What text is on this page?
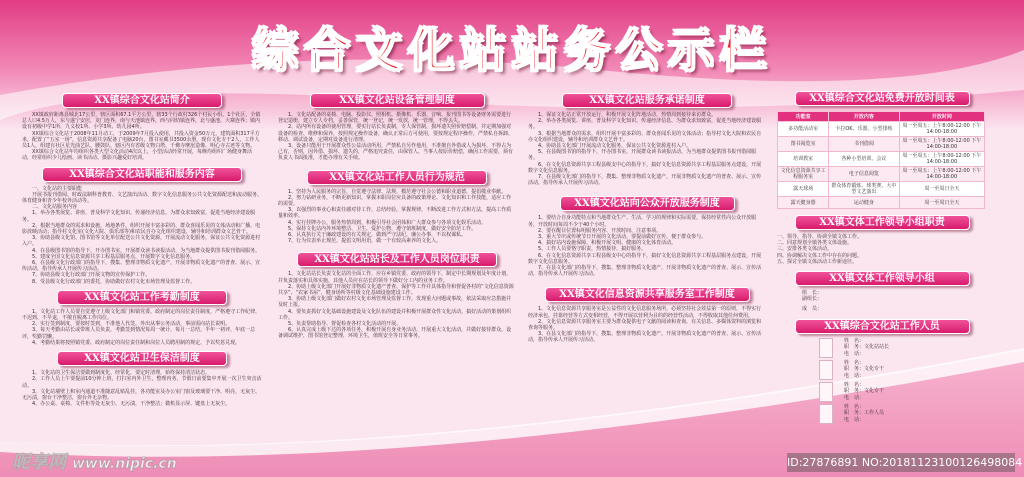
综合文化站站务公示栏
XX镇综合文化站简介

XX镇政府距离县城北17公里，辖区面积67.1平方公里，辖33个行政村326个村民小组，1个社区，全镇总人口4.5万人，东与遂宁安居，龙门连界，南与天池镇连界，西与同幼镇连界，北与盛池、大寨连界；镇内设有初级中学1所、九义校1所、小学3所、幼儿园4所。

XX镇综合文化站于2008年11月动工，于2009年7月投入使用，共投入资金50万元，建筑面积317平方米，配置了“五室一场”，信息资源共享配备了电脑20台，图书室藏书3500余册，现有文化专干2人，工作人员1人，组建有社区星光曲艺队、腰鼓队，辖区内有省级文物白塔、千佛寺摩崖造像、明心寺古迹等文物。

XX镇综合文化站年均组织各类大型文化活动4次以上，小型活动经常开展，每晚均组织广场健身舞活动，经常组织少儿绘画、读书活动、摄影兴趣爱好培训。

XX镇综合文化站职能和服务内容

一、文化站的主要职能

开展书报刊借阅、时政法制科普教育、文艺演出活动、数字文化信息服务公共文化资源配送和流动服务、体育健身和青少年校外活动等。

二、文化站服务内容

1、举办各类展览、讲座，普及科学文化知识，传递经济信息，为群众求知致富，促进当地经济建设服务。

2、根据当地群众的需求和设施、场地条件，组织开展丰富多彩的、群众喜闻乐见的文体活动和广播、电影放映活动；指导村文化室(文化大院、俱乐部等)和农民自办文化组织建设，辅导和培训群众文艺骨干。

3、协助县级文化馆、图书馆等文化单位配送公共文化资源，开展流动文化服务，保证公共文化资源进村入户。

4、在县级图书馆的指导下，开办图书室，开展群众读书读报活动，为当地群众提供图书报刊借阅服务。

5、建成全国文化信息资源共享工程基层服务点，开展数字文化信息服务。

6、在县级文化行政部门的指导下，搜集、整理非物质文化遗产，开展非物质文化遗产的普查、展示、宣传活动，指导传承人开展传习活动。

7、协助县级文化行政部门开展文物的宣传保护工作。

8、受县级文化行政部门的委托，协助做好农村文化市场管理及监督工作。

XX镇文化站工作考勤制度

1、文化站工作人员要自觉遵守上级文化部门和镇党委、政府制定的岗位责任制度，严格遵守工作纪律，不迟到、不早退，不擅自脱离工作岗位。

2、实行签到制度，要按时签到，不准他人代签，外出从事公务活动，事前需向站长说明。

3、每天考勤由站长或带班人员负责，考勤签到情况每周一统计，每月一总结，半年一初评，年底一总评，奖勤罚懒。

4、考勤结果将按照镇党委、政府制定的岗位责任制和岗位人员聘用制的规定，予以奖惩兑现。

XX镇文化站卫生保洁制度

1、文化站的卫生保洁要做到制度化、经常化，要定时清理，始终保持清洁状态。

2、工作人员上午要提前10分钟上班，打扫室内外卫生，整理内务，节假日前要集中开展一次卫生突击活动。

3、文化站墙壁上和室内通道不准随意乱贴乱挂，各功能室及办公室门窗及玻璃要干净、明亮，无灰尘、无污渍，窗台干净整洁，窗台外无杂物。

4、办公桌、桌椅、文件柜等处无灰尘、无污渍，干净整洁；微机显示屏、键盘上无灰尘。

XX镇文化站设备管理制度

1、文化站配备的桌椅、电脑、投影仪、照相机、摄像机、乐器、音响、报刊图书等设备财务需要进行登记造册，建立专人专档，妥善保管，统一登记，统一发放，统一管理，不得丢失。

2、站内所有设备的使用管理，要实行站长负责制，专人保管制，损坏遗失照价赔偿制，并定期加强对设备的检查、维修和保养，按照规定操作设备，确认正常后方可使用，要按规定程序操作，严禁私自拆卸、移动、调试设备，定期对设备进行清理。

3、设备只能用于开展群众性公益活动所用，严禁私自另作他用，不准擅自外借或人为损坏，不得占为己有，否则，因外借、损坏、遗失的，严格追究责任，由保管人、当事人按原价赔偿，确因工作需要，须有负责人书面批准，才能办理有关手续。

XX镇文化站工作人员行为规范

1、坚持为人民服务的宗旨，自觉遵守法律、法规，模范遵守社会公德和职业道德，提倡敬业奉献。

2、努力钻研业务，不断更新知识，掌握本职岗位应具备的政策理论、文化知识和工作技能，适应工作的需要。

3、以强烈的事业心和责任感对待工作，总结经验，掌握规律，不断改进工作方式和方法，提高工作质量和效率。

4、实行挂牌办公，服务热情周到，积极引导社会团体和广大群众参与各项文化娱乐活动。

5、保持文化站内外环境整洁、卫生，爱护公物，遵守值班制度，做好安全防范工作。

6、认真执行关于廉政建设的有关规定，做到严守法纪，廉公办事，不以权谋私。

7、行为仪表举止规范，提倡文明用语，做一个有较高素养的文化人。

XX镇文化站站长及工作人员岗位职责

1、文化站站长负责文化站的全面工作，应在乡镇党委、政府的领导下，制定中长期规划及年度计划，并负责落实和具体实施，其他人员应在站长的领导下做好分工内的业务工作。

2、协助上级文化部门开展好非物质文化遗产普查、保护等工作并具体指导和督促各村的“文化信息资源共享”、“农家书屋”，健身场所等村级文化基础设施建设工作。

3、协助上级文化部门做好农村文化市场管理及监督工作，发现重大问题或事故，依法采取应急措施并及时上报。

4、要负责抓好文化基础设施建设及文化队伍的建设并积极开展群众性文化活动，搞好活动的策划组织工作。

5、负责帮助指导、督促检查各村文化活动的开展。

6、认真完成上级下达的各项任务，积极开展自身业务活动，开展重大文化活动，并做好接待群众，设备调试维护，图书馆登记整理，环境卫生，值班安全等日常事务。

XX镇文化站服务承诺制度

1、保证文化站正常开放运行，积极开展文化阵地活动，热情周到接待来访群众。

2、举办各类展览、讲座，普及科学文化知识，传递经济信息，为群众求知致富，促进当地经济建设服务。

3、根据当地群众的需求，组织开展丰富多彩的、群众喜闻乐见的文体活动；指导村文化大院和农民自办文化组织建设，辅导和培训群众文艺骨干。

4、协助县文化部门开展流动文化服务，保证公共文化资源进村入户。

5、在县级图书馆的指导下，开办图书室，开展群众读书读报活动，为当地群众提供图书报刊借阅服务。

6、在文化信息资源共享工程县级支中心的指导下，搞好文化信息资源共享工程基层服务点建设，开展数字文化信息服务。

7、在县级文化部门的指导下，搜集、整理非物质文化遗产，开展非物质文化遗产的普查、展示、宣传活动，指导传承人开展传习活动。

XX镇文化站向公众开放服务制度

1、要结合自身功能特点和当地群众生产、生活、学习的规律和实际需要，保持经常性向公众开放服务，开放时间每周不少于40个小时。

2、要在醒目位置标明服务内容、开放时间、注意事项。

3、重大节庆或传统节日开展的文化活动，要提前做好宣传，便于群众参与。

4、搞好站内设施保障，积极开展文明、健康的文化体育活动。

5、工作人员要恪守职责，热情接待，搞好服务。

6、在文化信息资源共享工程县级支中心的指导下，搞好文化信息资源共享工程基层服务点建设，开展数字文化信息服务。

7、在县文化部门的指导下，搜集、整理非物质文化遗产，开展非物质文化遗产的普查、展示、宣传活动，指导传承人开展传习活动。

XX镇文化信息资源共享服务室工作制度

1、文化信息资源共享服务室是公益性的文化信息服务场所，必须坚持社会效益第一的原则，不得实行经济承包、挂靠经营等方式变相经营，不得开展以营利为目的的经营性活动，不得收取其他任何费用。

2、文化信息资源共享服务室主要为群众提供电子文献的阅读和查询，有关信息、多媒体资料的浏览和查询等服务。

3、在县文化部门的指导下，搜集、整理非物质文化遗产，开展非物质文化遗产的普查、展示、宣传活动，指导传承人开展传习活动。

XX镇综合文化站免费开放时间表
功能室	开放内容	开放时间
多功能活动室	卡拉OK、乐器、小型排练	周一至周五：上午8:00-12:00 下午14:00-18:00
图书阅览室	书刊借阅	周一至周五：上午8:00-12:00 下午14:00-18:00
培训教室	各种小型培训、会议	周一至周五：上午8:00-12:00 下午14:00-18:00
文化信息资源共享工程服务室	电子信息阅览	周一至周五：上午8:00-12:00 下午14:00-18:00
露天球场	群众体育锻炼、球类赛、大中型文艺演出	周一至周日全天
露天健身器	运动健身	周一至周日全天
XX镇文体工作领导小组职责

一、领导、指导、协调全镇文体工作。

二、同意规划全镇各类文体设施。

三、安排各类文体活动。

四、协调解决文体工作中存在的问题。

五、探讨全镇文体活动工作新途径。

XX镇文体工作领导小组
组　长：
副组长：
成　员：
XX镇综合文化站工作人员
姓　名：
职　务：文化站站长
电　话：
姓　名：
职　务：文化专干
电　话：
姓　名：
职　务：文化专干
电　话：
姓　名：
职　务：工作人员
电　话：
昵享网 www.nipic.cn	ID:27876891 NO:20181123100126498084
